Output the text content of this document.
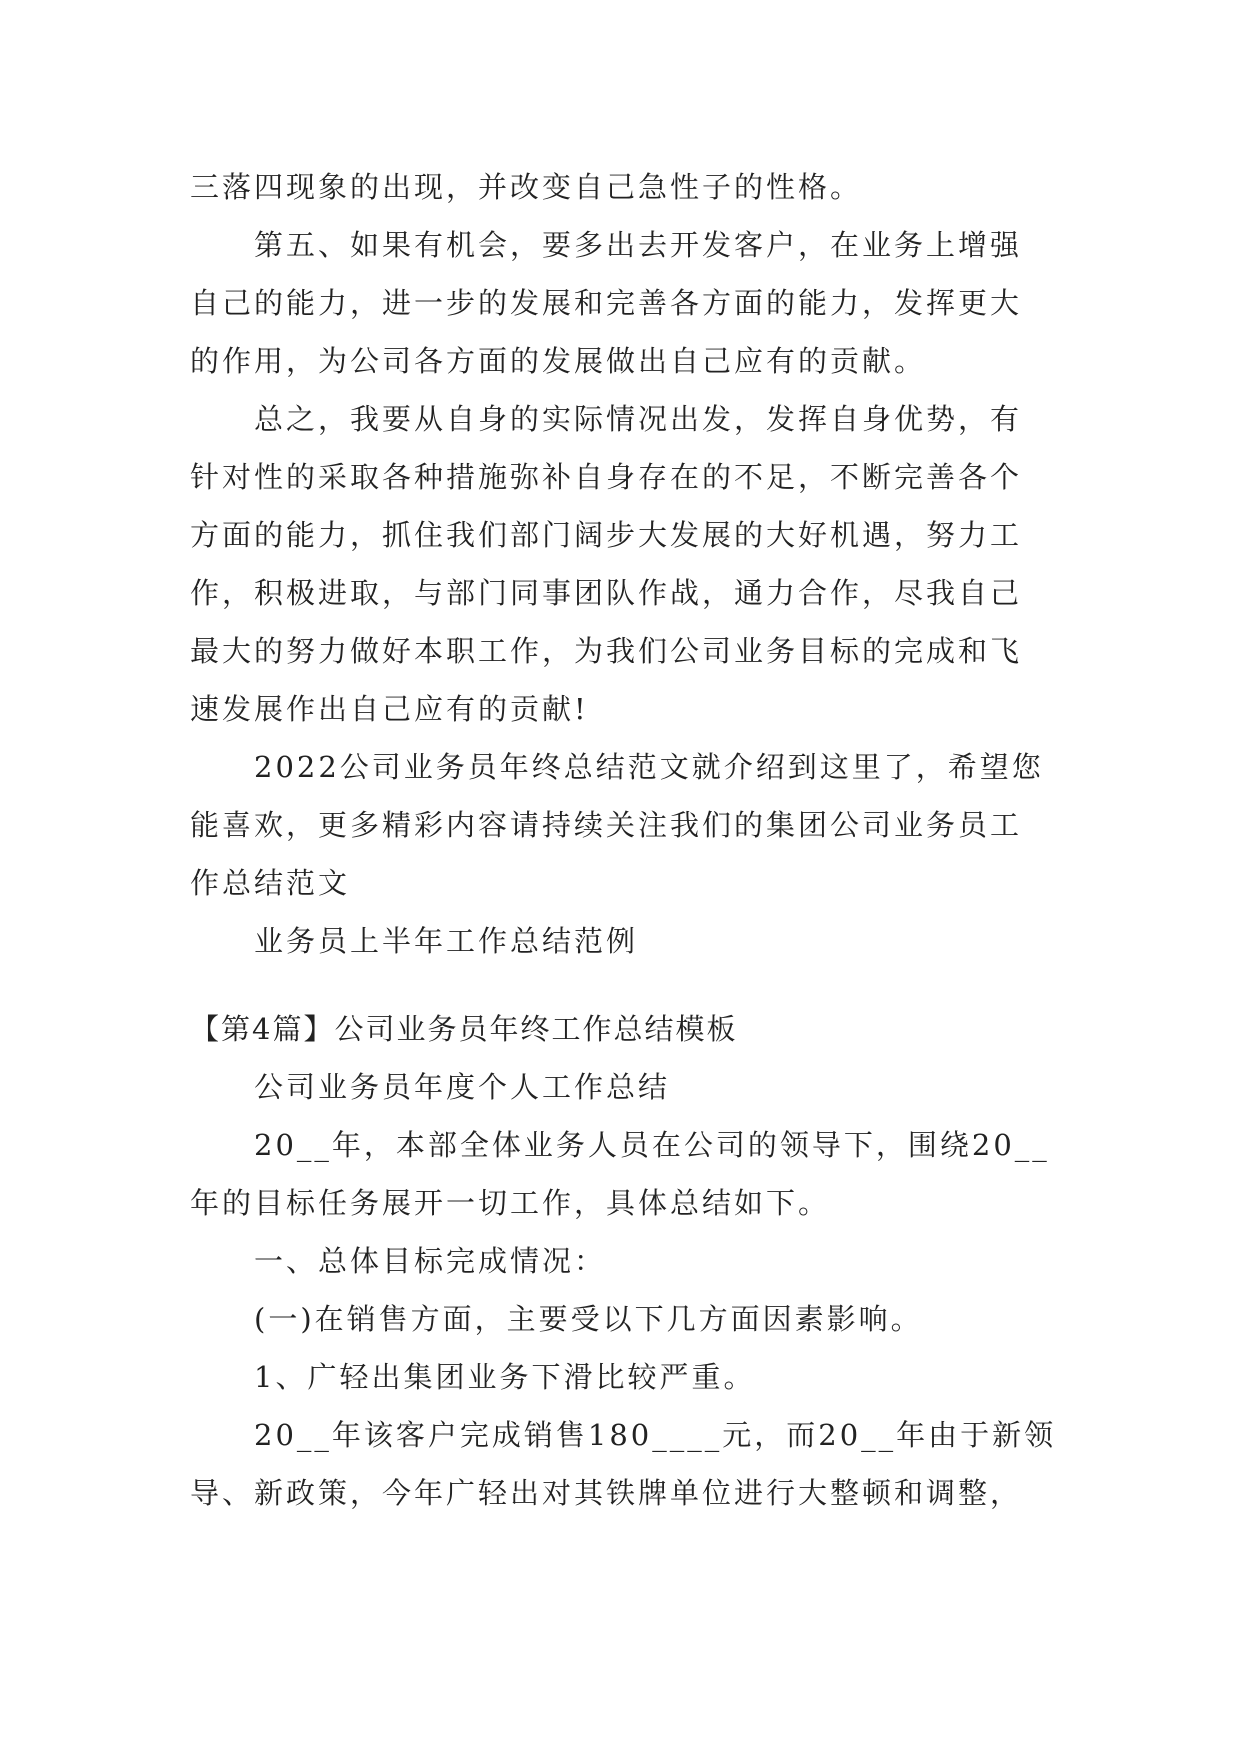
三落四现象的出现，并改变自己急性子的性格。
第五、如果有机会，要多出去开发客户，在业务上增强
自己的能力，进一步的发展和完善各方面的能力，发挥更大
的作用，为公司各方面的发展做出自己应有的贡献。
总之，我要从自身的实际情况出发，发挥自身优势，有
针对性的采取各种措施弥补自身存在的不足，不断完善各个
方面的能力，抓住我们部门阔步大发展的大好机遇，努力工
作，积极进取，与部门同事团队作战，通力合作，尽我自己
最大的努力做好本职工作，为我们公司业务目标的完成和飞
速发展作出自己应有的贡献!
2022公司业务员年终总结范文就介绍到这里了，希望您
能喜欢，更多精彩内容请持续关注我们的集团公司业务员工
作总结范文
业务员上半年工作总结范例
【第4篇】公司业务员年终工作总结模板
公司业务员年度个人工作总结
20__年，本部全体业务人员在公司的领导下，围绕20__
年的目标任务展开一切工作，具体总结如下。
一、总体目标完成情况：
(一)在销售方面，主要受以下几方面因素影响。
1、广轻出集团业务下滑比较严重。
20__年该客户完成销售180____元，而20__年由于新领
导、新政策，今年广轻出对其铁牌单位进行大整顿和调整，
